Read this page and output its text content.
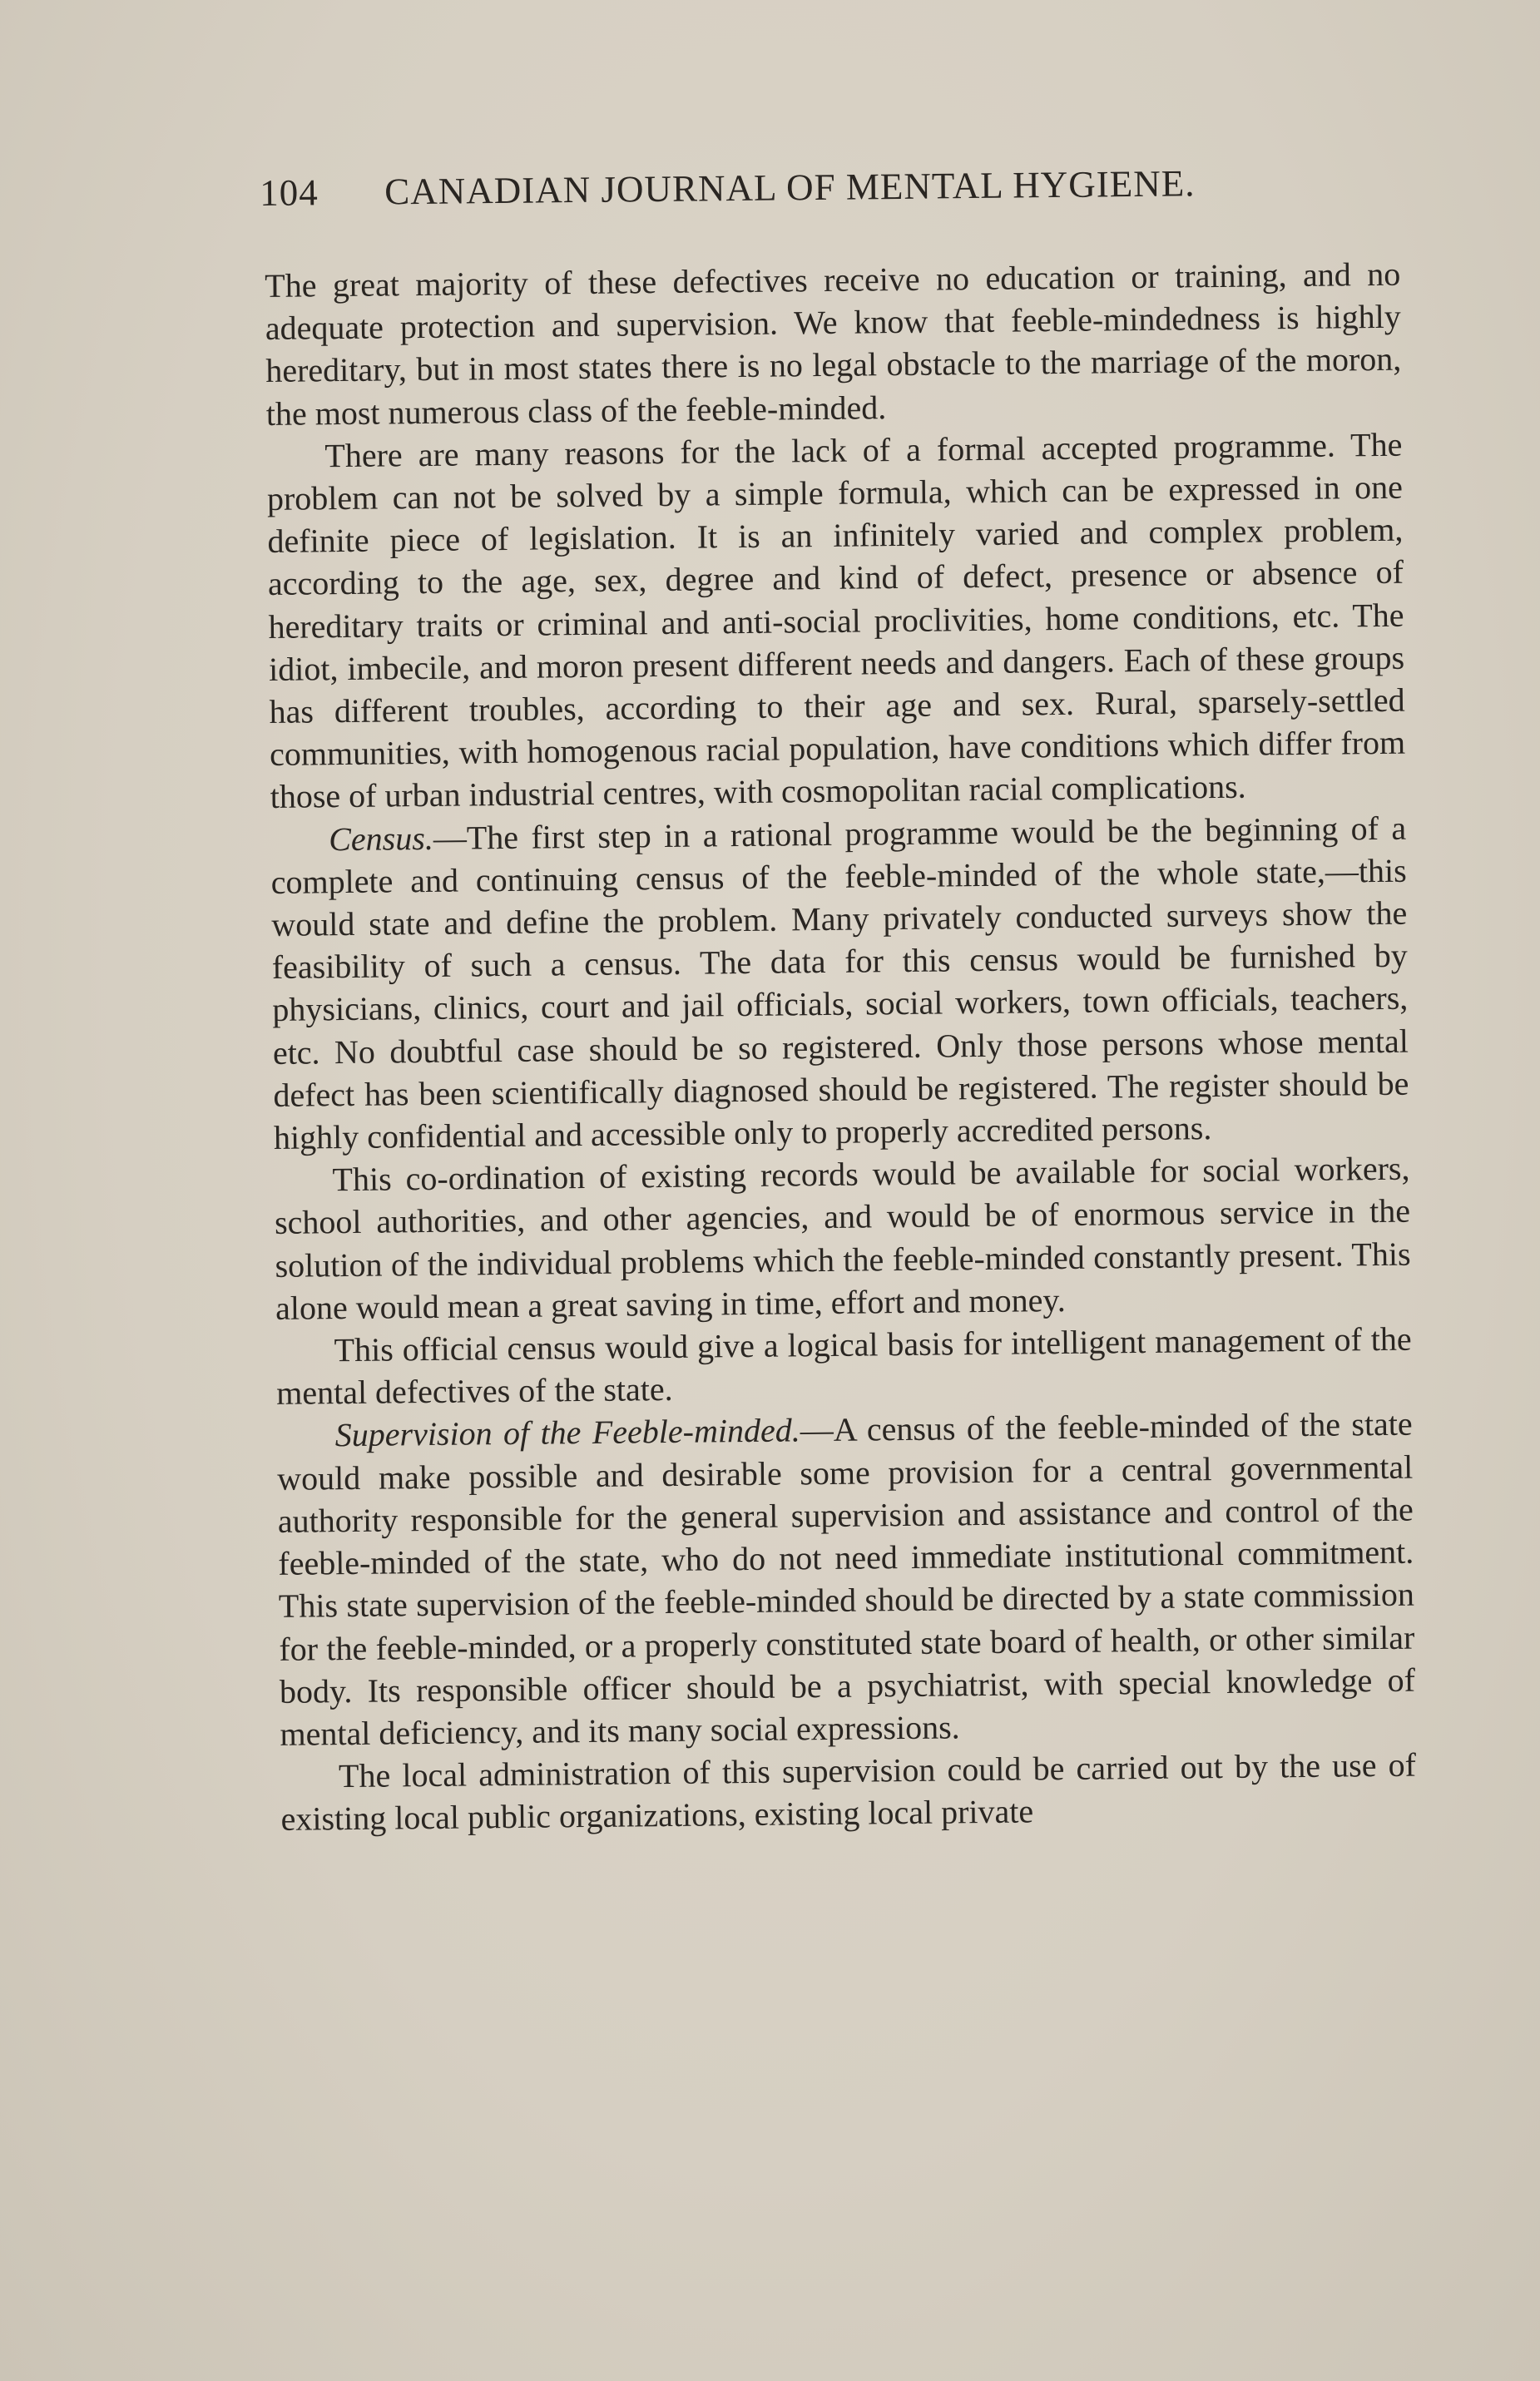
104 CANADIAN JOURNAL OF MENTAL HYGIENE.

The great majority of these defectives receive no education or training, and no adequate protection and supervision. We know that feeble-mindedness is highly hereditary, but in most states there is no legal obstacle to the marriage of the moron, the most numerous class of the feeble-minded.

There are many reasons for the lack of a formal accepted programme. The problem can not be solved by a simple formula, which can be expressed in one definite piece of legislation. It is an infinitely varied and complex problem, according to the age, sex, degree and kind of defect, presence or absence of hereditary traits or criminal and anti-social proclivities, home conditions, etc. The idiot, imbecile, and moron present different needs and dangers. Each of these groups has different troubles, according to their age and sex. Rural, sparsely-settled communities, with homogenous racial population, have conditions which differ from those of urban industrial centres, with cosmopolitan racial complications.

Census.—The first step in a rational programme would be the beginning of a complete and continuing census of the feeble-minded of the whole state,—this would state and define the problem. Many privately conducted surveys show the feasibility of such a census. The data for this census would be furnished by physicians, clinics, court and jail officials, social workers, town officials, teachers, etc. No doubtful case should be so registered. Only those persons whose mental defect has been scientifically diagnosed should be registered. The register should be highly confidential and accessible only to properly accredited persons.

This co-ordination of existing records would be available for social workers, school authorities, and other agencies, and would be of enormous service in the solution of the individual problems which the feeble-minded constantly present. This alone would mean a great saving in time, effort and money.

This official census would give a logical basis for intelligent management of the mental defectives of the state.

Supervision of the Feeble-minded.—A census of the feeble-minded of the state would make possible and desirable some provision for a central governmental authority responsible for the general supervision and assistance and control of the feeble-minded of the state, who do not need immediate institutional commitment. This state supervision of the feeble-minded should be directed by a state commission for the feeble-minded, or a properly constituted state board of health, or other similar body. Its responsible officer should be a psychiatrist, with special knowledge of mental deficiency, and its many social expressions.

The local administration of this supervision could be carried out by the use of existing local public organizations, existing local private
